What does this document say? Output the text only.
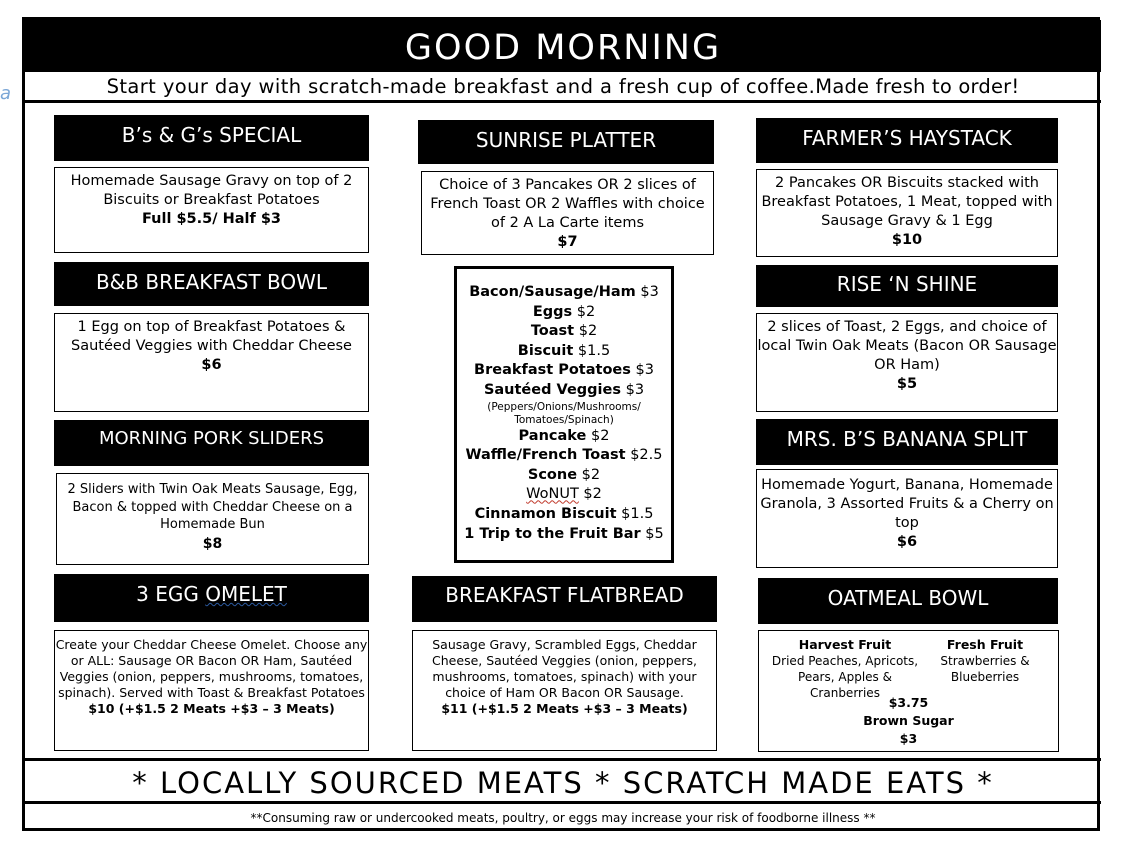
a
GOOD MORNING
Start your day with scratch-made breakfast and a fresh cup of coffee.Made fresh to order!
B’s & G’s SPECIAL
Homemade Sausage Gravy on top of 2 Biscuits or Breakfast Potatoes
Full $5.5/ Half $3
B&B BREAKFAST BOWL
1 Egg on top of Breakfast Potatoes & Sautéed Veggies with Cheddar Cheese
$6
MORNING PORK SLIDERS
2 Sliders with Twin Oak Meats Sausage, Egg, Bacon & topped with Cheddar Cheese on a Homemade Bun
$8
3 EGG OMELET
Create your Cheddar Cheese Omelet. Choose any or ALL: Sausage OR Bacon OR Ham, Sautéed Veggies (onion, peppers, mushrooms, tomatoes, spinach). Served with Toast & Breakfast Potatoes
$10 (+$1.5 2 Meats +$3 – 3 Meats)
SUNRISE PLATTER
Choice of 3 Pancakes OR 2 slices of French Toast OR 2 Waffles with choice of 2 A La Carte items
$7
Bacon/Sausage/Ham $3
Eggs $2
Toast $2
Biscuit $1.5
Breakfast Potatoes $3
Sautéed Veggies $3
(Peppers/Onions/Mushrooms/ Tomatoes/Spinach)
Pancake $2
Waffle/French Toast $2.5
Scone $2
WoNUT $2
Cinnamon Biscuit $1.5
1 Trip to the Fruit Bar $5
BREAKFAST FLATBREAD
Sausage Gravy, Scrambled Eggs, Cheddar Cheese, Sautéed Veggies (onion, peppers, mushrooms, tomatoes, spinach) with your choice of Ham OR Bacon OR Sausage.
$11 (+$1.5 2 Meats +$3 – 3 Meats)
FARMER’S HAYSTACK
2 Pancakes OR Biscuits stacked with Breakfast Potatoes, 1 Meat, topped with Sausage Gravy & 1 Egg
$10
RISE ‘N SHINE
2 slices of Toast, 2 Eggs, and choice of local Twin Oak Meats (Bacon OR Sausage OR Ham)
$5
MRS. B’S BANANA SPLIT
Homemade Yogurt, Banana, Homemade Granola, 3 Assorted Fruits & a Cherry on top
$6
OATMEAL BOWL
Harvest Fruit
Dried Peaches, Apricots, Pears, Apples & Cranberries
Fresh Fruit
Strawberries & Blueberries
$3.75
Brown Sugar
$3
* LOCALLY SOURCED MEATS * SCRATCH MADE EATS *
**Consuming raw or undercooked meats, poultry, or eggs may increase your risk of foodborne illness **
